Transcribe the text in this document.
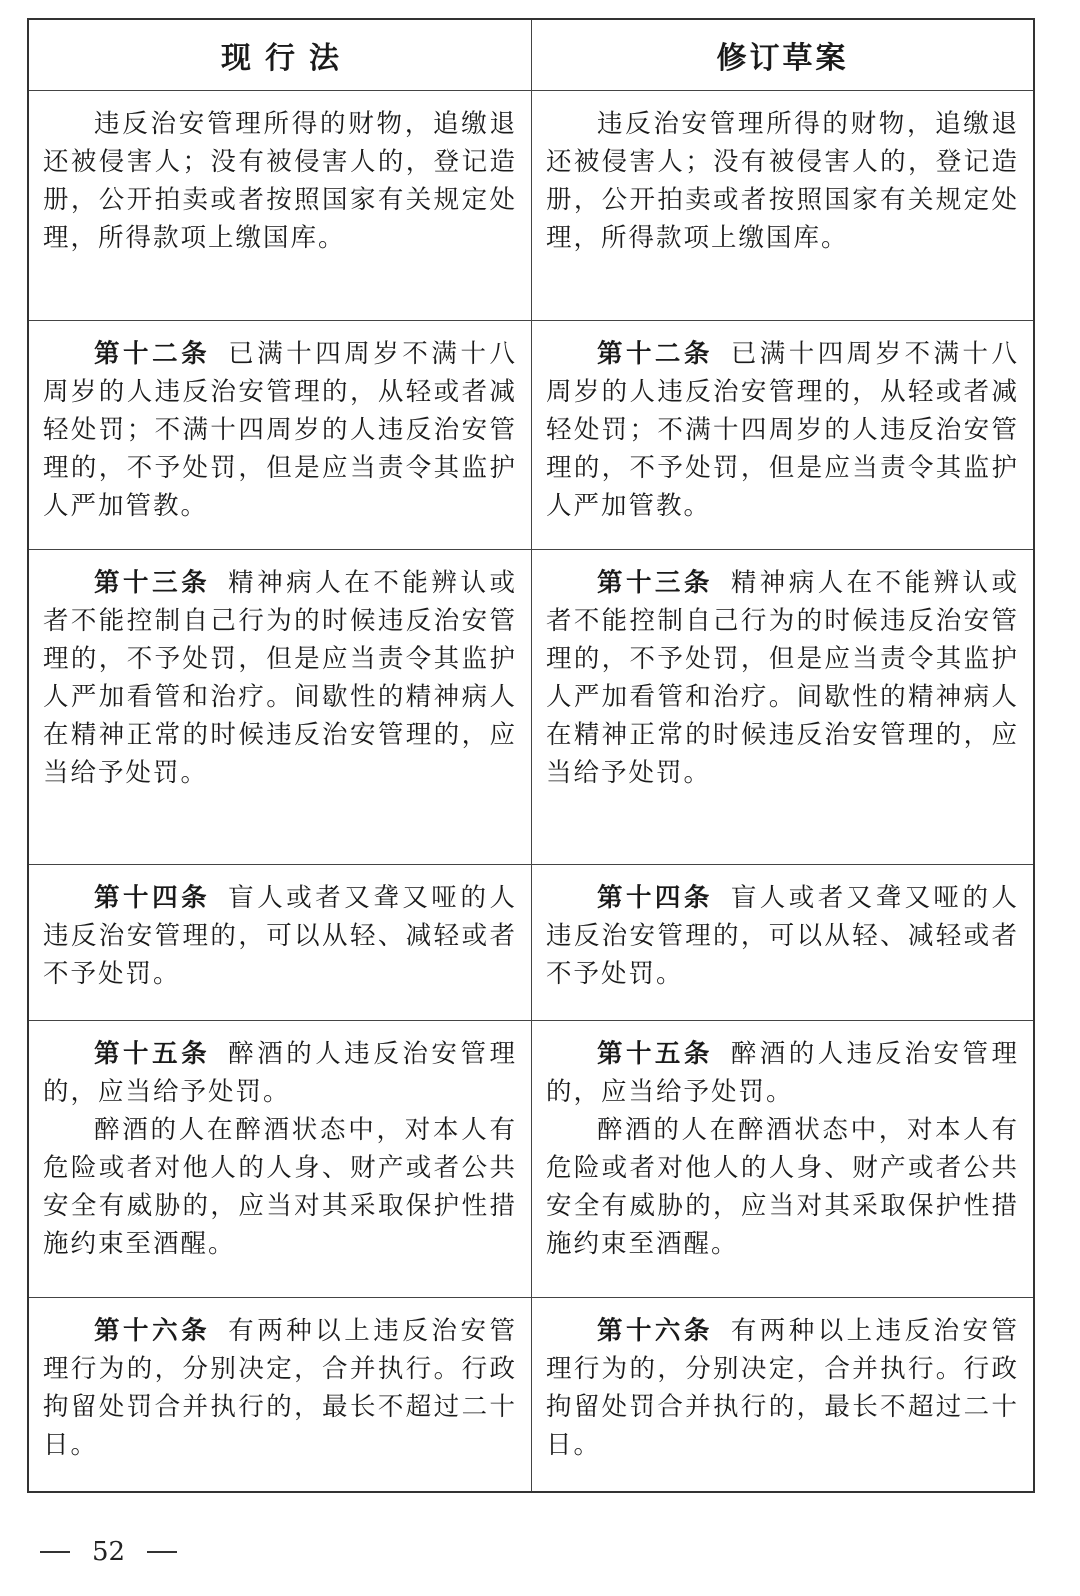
现行法	修订草案

违反治安管理所得的财物，追缴退还被侵害人；没有被侵害人的，登记造册，公开拍卖或者按照国家有关规定处理，所得款项上缴国库。

违反治安管理所得的财物，追缴退还被侵害人；没有被侵害人的，登记造册，公开拍卖或者按照国家有关规定处理，所得款项上缴国库。

第十二条 已满十四周岁不满十八周岁的人违反治安管理的，从轻或者减轻处罚；不满十四周岁的人违反治安管理的，不予处罚，但是应当责令其监护人严加管教。

第十二条 已满十四周岁不满十八周岁的人违反治安管理的，从轻或者减轻处罚；不满十四周岁的人违反治安管理的，不予处罚，但是应当责令其监护人严加管教。

第十三条 精神病人在不能辨认或者不能控制自己行为的时候违反治安管理的，不予处罚，但是应当责令其监护人严加看管和治疗。间歇性的精神病人在精神正常的时候违反治安管理的，应当给予处罚。

第十三条 精神病人在不能辨认或者不能控制自己行为的时候违反治安管理的，不予处罚，但是应当责令其监护人严加看管和治疗。间歇性的精神病人在精神正常的时候违反治安管理的，应当给予处罚。

第十四条 盲人或者又聋又哑的人违反治安管理的，可以从轻、减轻或者不予处罚。

第十四条 盲人或者又聋又哑的人违反治安管理的，可以从轻、减轻或者不予处罚。

第十五条 醉酒的人违反治安管理的，应当给予处罚。

醉酒的人在醉酒状态中，对本人有危险或者对他人的人身、财产或者公共安全有威胁的，应当对其采取保护性措施约束至酒醒。

第十五条 醉酒的人违反治安管理的，应当给予处罚。

醉酒的人在醉酒状态中，对本人有危险或者对他人的人身、财产或者公共安全有威胁的，应当对其采取保护性措施约束至酒醒。

第十六条 有两种以上违反治安管理行为的，分别决定，合并执行。行政拘留处罚合并执行的，最长不超过二十日。

第十六条 有两种以上违反治安管理行为的，分别决定，合并执行。行政拘留处罚合并执行的，最长不超过二十日。

52
